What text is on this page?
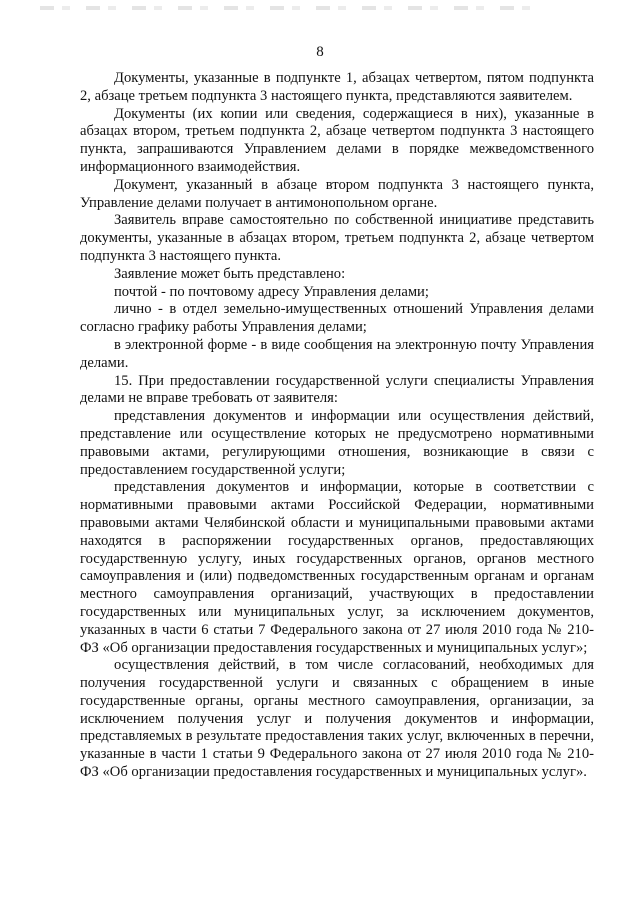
8

Документы, указанные в подпункте 1, абзацах четвертом, пятом подпункта 2, абзаце третьем подпункта 3 настоящего пункта, представляются заявителем.

Документы (их копии или сведения, содержащиеся в них), указанные в абзацах втором, третьем подпункта 2, абзаце четвертом подпункта 3 настоящего пункта, запрашиваются Управлением делами в порядке межведомственного информационного взаимодействия.

Документ, указанный в абзаце втором подпункта 3 настоящего пункта, Управление делами получает в антимонопольном органе.

Заявитель вправе самостоятельно по собственной инициативе представить документы, указанные в абзацах втором, третьем подпункта 2, абзаце четвертом подпункта 3 настоящего пункта.

Заявление может быть представлено:

почтой - по почтовому адресу Управления делами;

лично - в отдел земельно-имущественных отношений Управления делами согласно графику работы Управления делами;

в электронной форме - в виде сообщения на электронную почту Управления делами.

15. При предоставлении государственной услуги специалисты Управления делами не вправе требовать от заявителя:

представления документов и информации или осуществления действий, представление или осуществление которых не предусмотрено нормативными правовыми актами, регулирующими отношения, возникающие в связи с предоставлением государственной услуги;

представления документов и информации, которые в соответствии с нормативными правовыми актами Российской Федерации, нормативными правовыми актами Челябинской области и муниципальными правовыми актами находятся в распоряжении государственных органов, предоставляющих государственную услугу, иных государственных органов, органов местного самоуправления и (или) подведомственных государственным органам и органам местного самоуправления организаций, участвующих в предоставлении государственных или муниципальных услуг, за исключением документов, указанных в части 6 статьи 7 Федерального закона от 27 июля 2010 года № 210-ФЗ «Об организации предоставления государственных и муниципальных услуг»;

осуществления действий, в том числе согласований, необходимых для получения государственной услуги и связанных с обращением в иные государственные органы, органы местного самоуправления, организации, за исключением получения услуг и получения документов и информации, представляемых в результате предоставления таких услуг, включенных в перечни, указанные в части 1 статьи 9 Федерального закона от 27 июля 2010 года № 210-ФЗ «Об организации предоставления государственных и муниципальных услуг».
